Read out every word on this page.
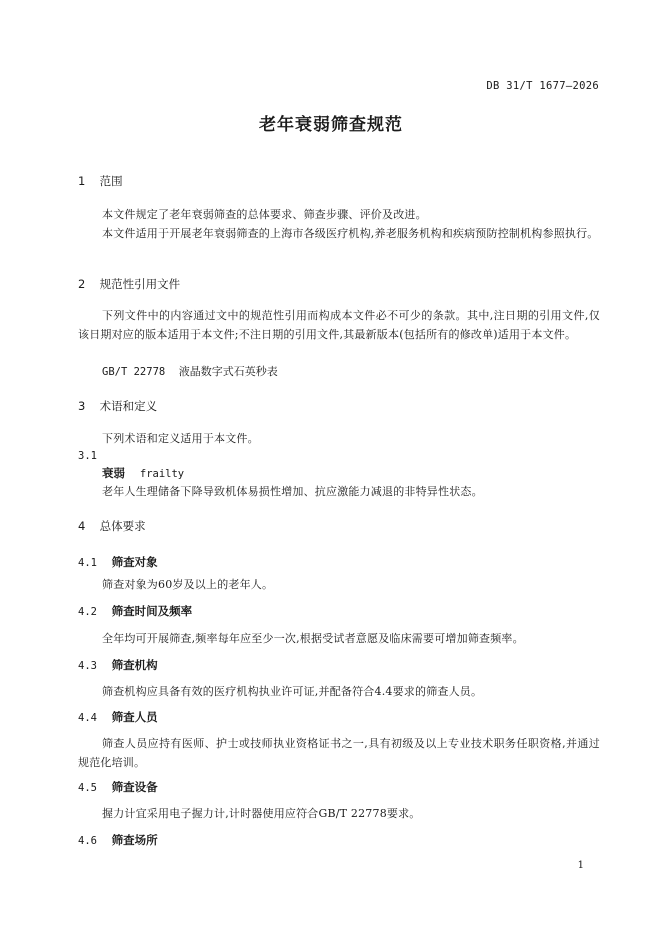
DB 31/T 1677—2026
老年衰弱筛查规范
1 范围
本文件规定了老年衰弱筛查的总体要求、筛查步骤、评价及改进。
本文件适用于开展老年衰弱筛查的上海市各级医疗机构,养老服务机构和疾病预防控制机构参照执行。
2 规范性引用文件
下列文件中的内容通过文中的规范性引用而构成本文件必不可少的条款。其中,注日期的引用文件,仅该日期对应的版本适用于本文件;不注日期的引用文件,其最新版本(包括所有的修改单)适用于本文件。
GB/T 22778 液晶数字式石英秒表
3 术语和定义
下列术语和定义适用于本文件。
3.1
衰弱 frailty
老年人生理储备下降导致机体易损性增加、抗应激能力减退的非特异性状态。
4 总体要求
4.1 筛查对象
筛查对象为60岁及以上的老年人。
4.2 筛查时间及频率
全年均可开展筛查,频率每年应至少一次,根据受试者意愿及临床需要可增加筛查频率。
4.3 筛查机构
筛查机构应具备有效的医疗机构执业许可证,并配备符合4.4要求的筛查人员。
4.4 筛查人员
筛查人员应持有医师、护士或技师执业资格证书之一,具有初级及以上专业技术职务任职资格,并通过规范化培训。
4.5 筛查设备
握力计宜采用电子握力计,计时器使用应符合GB/T 22778要求。
4.6 筛查场所
1
